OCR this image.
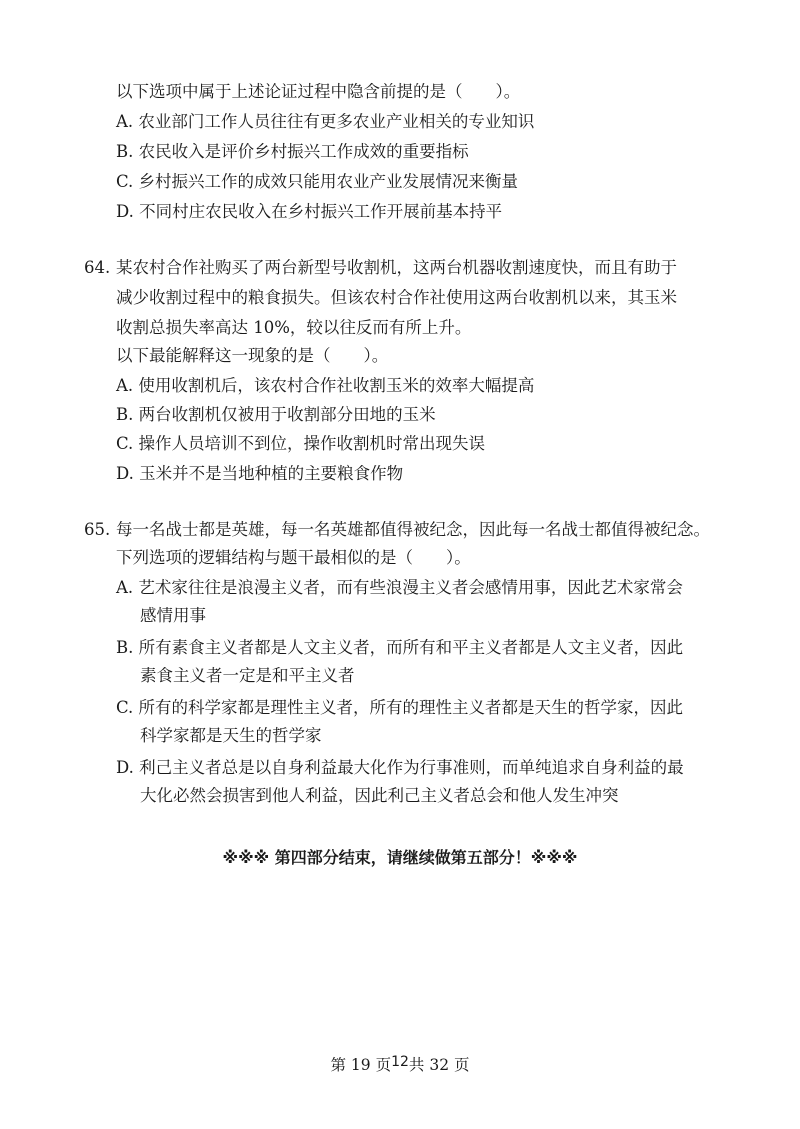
以下选项中属于上述论证过程中隐含前提的是（　　）。
A. 农业部门工作人员往往有更多农业产业相关的专业知识
B. 农民收入是评价乡村振兴工作成效的重要指标
C. 乡村振兴工作的成效只能用农业产业发展情况来衡量
D. 不同村庄农民收入在乡村振兴工作开展前基本持平
64. 某农村合作社购买了两台新型号收割机，这两台机器收割速度快，而且有助于
减少收割过程中的粮食损失。但该农村合作社使用这两台收割机以来，其玉米
收割总损失率高达 10%，较以往反而有所上升。
以下最能解释这一现象的是（　　）。
A. 使用收割机后，该农村合作社收割玉米的效率大幅提高
B. 两台收割机仅被用于收割部分田地的玉米
C. 操作人员培训不到位，操作收割机时常出现失误
D. 玉米并不是当地种植的主要粮食作物
65. 每一名战士都是英雄，每一名英雄都值得被纪念，因此每一名战士都值得被纪念。
下列选项的逻辑结构与题干最相似的是（　　）。
A. 艺术家往往是浪漫主义者，而有些浪漫主义者会感情用事，因此艺术家常会
感情用事
B. 所有素食主义者都是人文主义者，而所有和平主义者都是人文主义者，因此
素食主义者一定是和平主义者
C. 所有的科学家都是理性主义者，所有的理性主义者都是天生的哲学家，因此
科学家都是天生的哲学家
D. 利己主义者总是以自身利益最大化作为行事准则，而单纯追求自身利益的最
大化必然会损害到他人利益，因此利己主义者总会和他人发生冲突
※※※ 第四部分结束，请继续做第五部分！※※※
第 19 页12共 32 页
